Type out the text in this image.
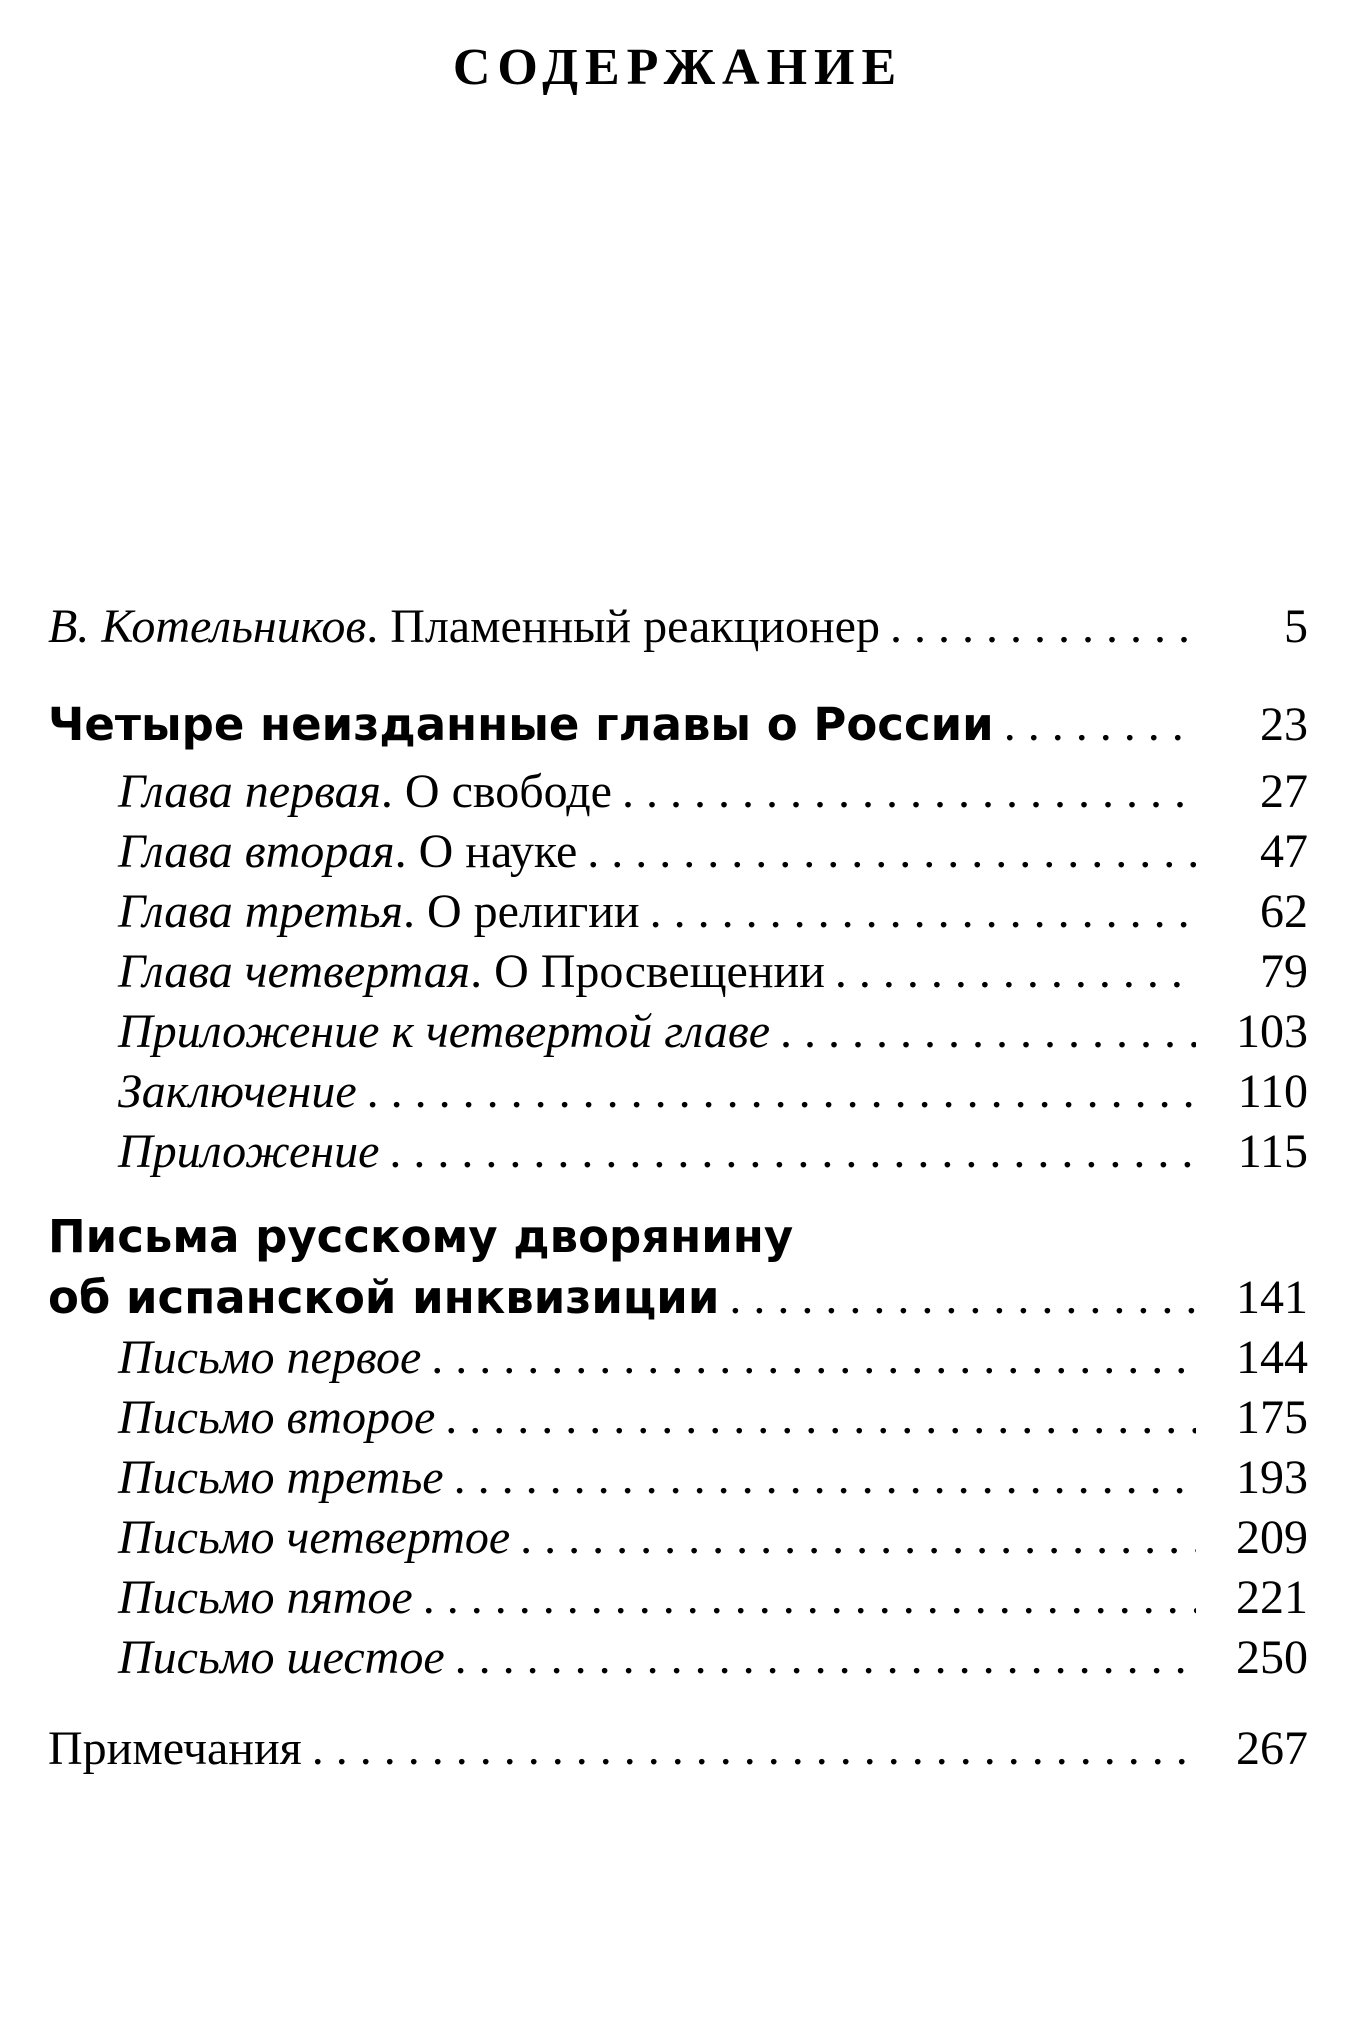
СОДЕРЖАНИЕ
В. Котельников . Пламенный реакционер . . .	5
Четыре неизданные главы о России . . .	23
Глава первая . О свободе . . .	27
Глава вторая . О науке . . .	47
Глава третья . О религии . . .	62
Глава четвертая . О Просвещении . . .	79
Приложение к четвертой главе . . .	103
Заключение . . .	110
Приложение . . .	115
Письма русскому дворянину
об испанской инквизиции . . .	141
Письмо первое . . .	144
Письмо второе . . .	175
Письмо третье . . .	193
Письмо четвертое . . .	209
Письмо пятое . . .	221
Письмо шестое . . .	250
Примечания . . .	267
